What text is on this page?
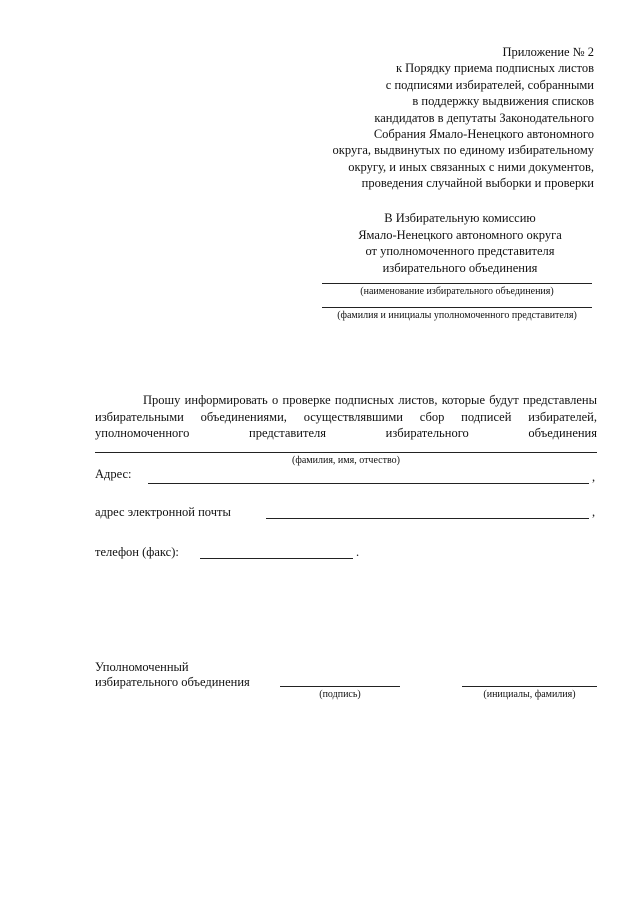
Приложение № 2
к Порядку приема подписных листов
с подписями избирателей, собранными
в поддержку выдвижения списков
кандидатов в депутаты Законодательного
Собрания Ямало-Ненецкого автономного
округа, выдвинутых по единому избирательному
округу, и иных связанных с ними документов,
проведения случайной выборки и проверки
В Избирательную комиссию
Ямало-Ненецкого автономного округа
от уполномоченного представителя
избирательного объединения
(наименование избирательного объединения)
(фамилия и инициалы уполномоченного представителя)
Прошу информировать о проверке подписных листов, которые будут представлены избирательными объединениями, осуществлявшими сбор подписей избирателей, уполномоченного представителя избирательного объединения
(фамилия, имя, отчество)
Адрес:	,
адрес электронной почты	,
телефон (факс):	.
Уполномоченный
избирательного объединения
(подпись)	(инициалы, фамилия)
